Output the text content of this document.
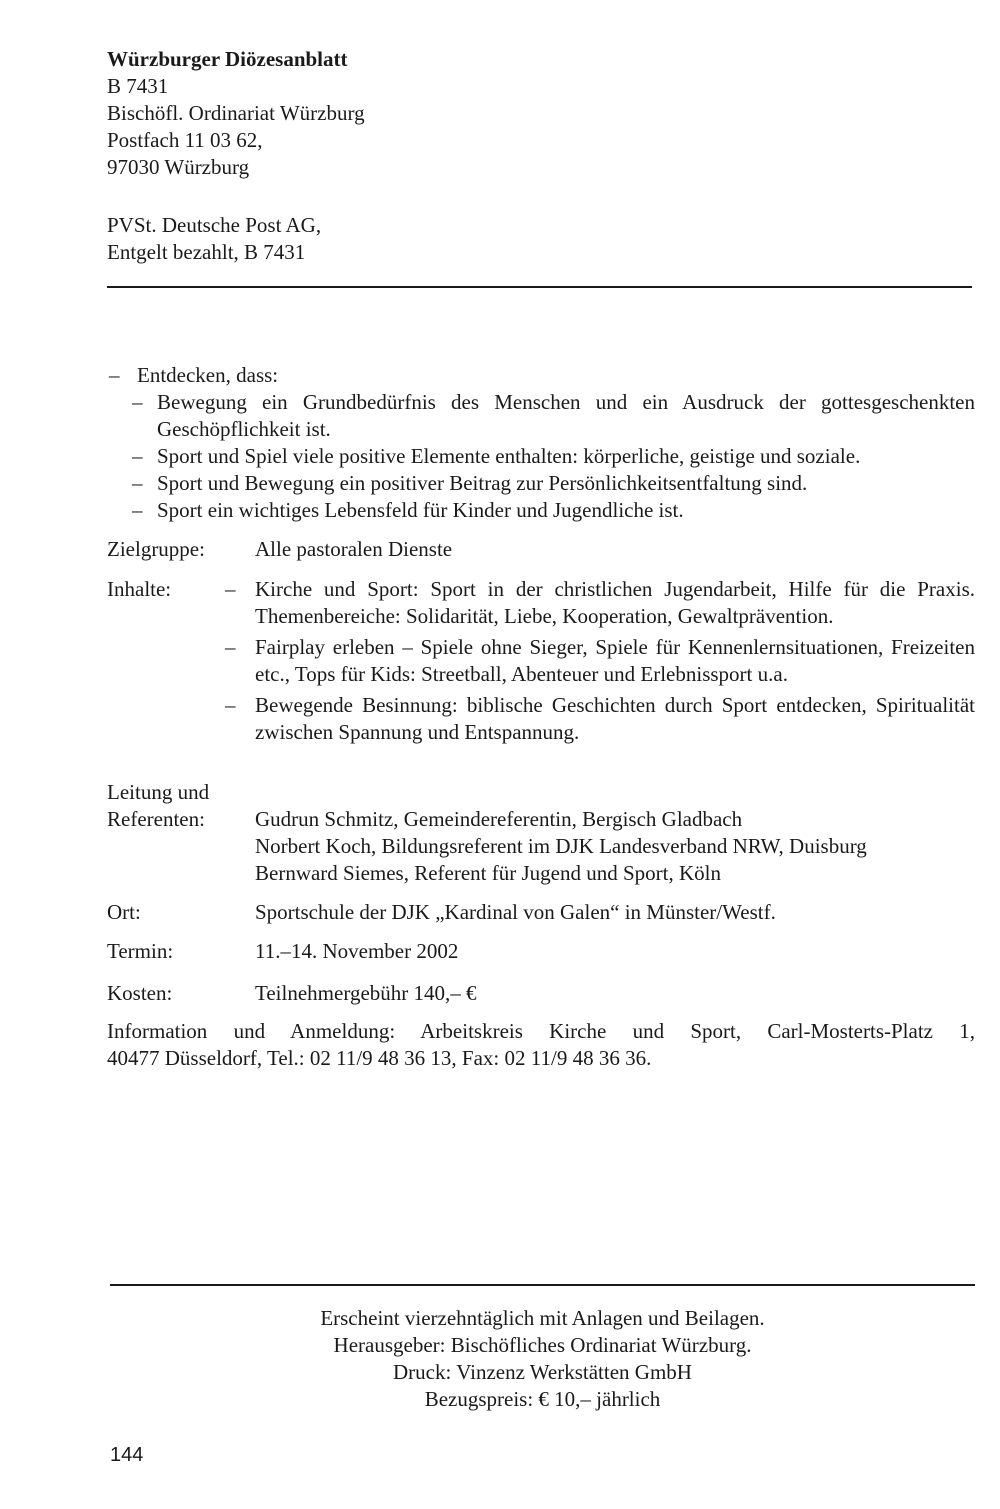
Würzburger Diözesanblatt
B 7431
Bischöfl. Ordinariat Würzburg
Postfach 11 03 62,
97030 Würzburg
PVSt. Deutsche Post AG,
Entgelt bezahlt, B 7431
– Entdecken, dass:
– Bewegung ein Grundbedürfnis des Menschen und ein Ausdruck der gottesgeschenkten Geschöpflichkeit ist.
– Sport und Spiel viele positive Elemente enthalten: körperliche, geistige und soziale.
– Sport und Bewegung ein positiver Beitrag zur Persönlichkeitsentfaltung sind.
– Sport ein wichtiges Lebensfeld für Kinder und Jugendliche ist.
Zielgruppe:	Alle pastoralen Dienste
Inhalte:	– Kirche und Sport: Sport in der christlichen Jugendarbeit, Hilfe für die Praxis. Themenbereiche: Solidarität, Liebe, Kooperation, Gewaltprävention.
– Fairplay erleben – Spiele ohne Sieger, Spiele für Kennenlernsituationen, Freizeiten etc., Tops für Kids: Streetball, Abenteuer und Erlebnissport u.a.
– Bewegende Besinnung: biblische Geschichten durch Sport entdecken, Spiritualität zwischen Spannung und Entspannung.
Leitung und
Referenten:	Gudrun Schmitz, Gemeindereferentin, Bergisch Gladbach
Norbert Koch, Bildungsreferent im DJK Landesverband NRW, Duisburg
Bernward Siemes, Referent für Jugend und Sport, Köln
Ort:	Sportschule der DJK „Kardinal von Galen“ in Münster/Westf.
Termin:	11.–14. November 2002
Kosten:	Teilnehmergebühr 140,– €
Information und Anmeldung: Arbeitskreis Kirche und Sport, Carl-Mosterts-Platz 1,
40477 Düsseldorf, Tel.: 02 11/9 48 36 13, Fax: 02 11/9 48 36 36.
Erscheint vierzehntäglich mit Anlagen und Beilagen.
Herausgeber: Bischöfliches Ordinariat Würzburg.
Druck: Vinzenz Werkstätten GmbH
Bezugspreis: € 10,– jährlich
144
